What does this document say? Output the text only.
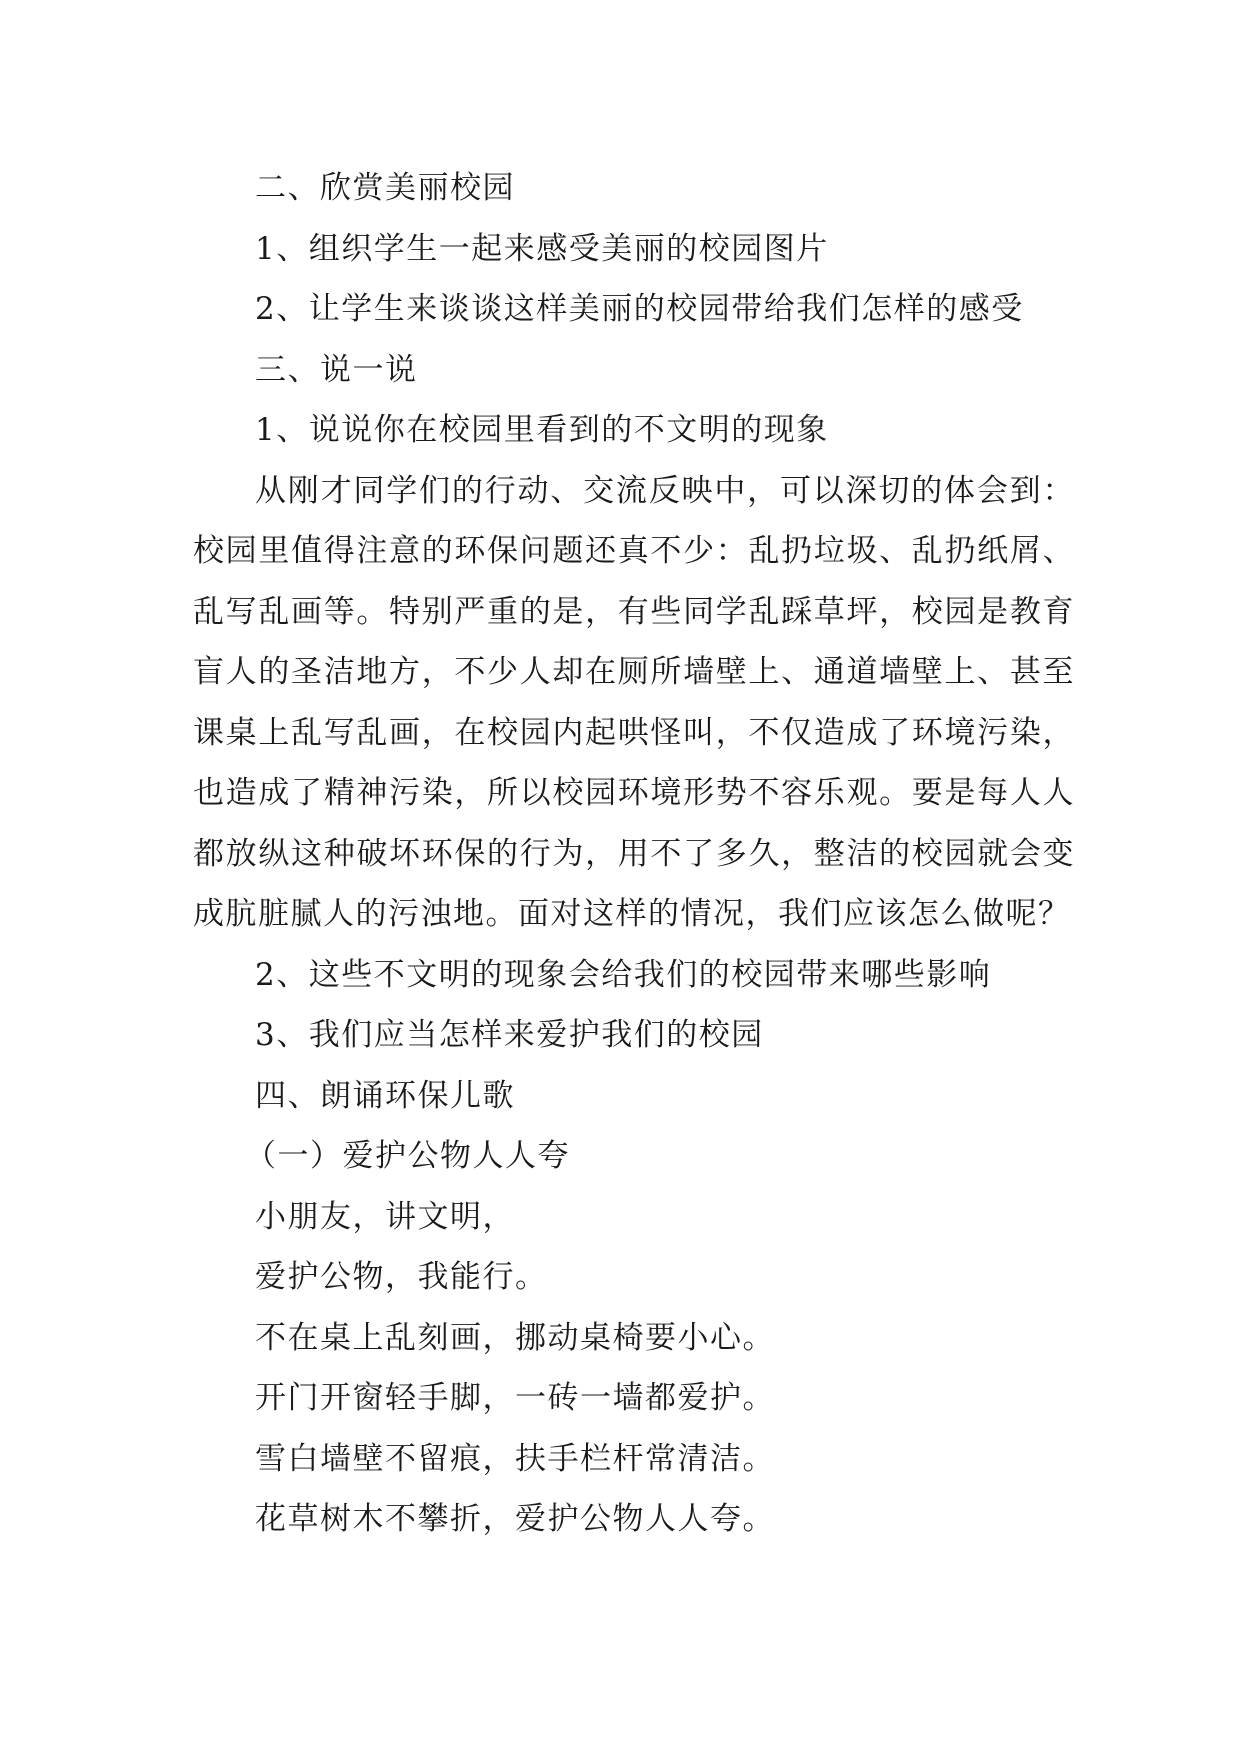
二、欣赏美丽校园
1、组织学生一起来感受美丽的校园图片
2、让学生来谈谈这样美丽的校园带给我们怎样的感受
三、说一说
1、说说你在校园里看到的不文明的现象

从刚才同学们的行动、交流反映中，可以深切的体会到：校园里值得注意的环保问题还真不少：乱扔垃圾、乱扔纸屑、乱写乱画等。特别严重的是，有些同学乱踩草坪，校园是教育盲人的圣洁地方，不少人却在厕所墙壁上、通道墙壁上、甚至课桌上乱写乱画，在校园内起哄怪叫，不仅造成了环境污染，也造成了精神污染，所以校园环境形势不容乐观。要是每人人都放纵这种破坏环保的行为，用不了多久，整洁的校园就会变成肮脏腻人的污浊地。面对这样的情况，我们应该怎么做呢？

2、这些不文明的现象会给我们的校园带来哪些影响
3、我们应当怎样来爱护我们的校园
四、朗诵环保儿歌
（一）爱护公物人人夸
小朋友，讲文明，
爱护公物，我能行。
不在桌上乱刻画，挪动桌椅要小心。
开门开窗轻手脚，一砖一墙都爱护。
雪白墙壁不留痕，扶手栏杆常清洁。
花草树木不攀折，爱护公物人人夸。
